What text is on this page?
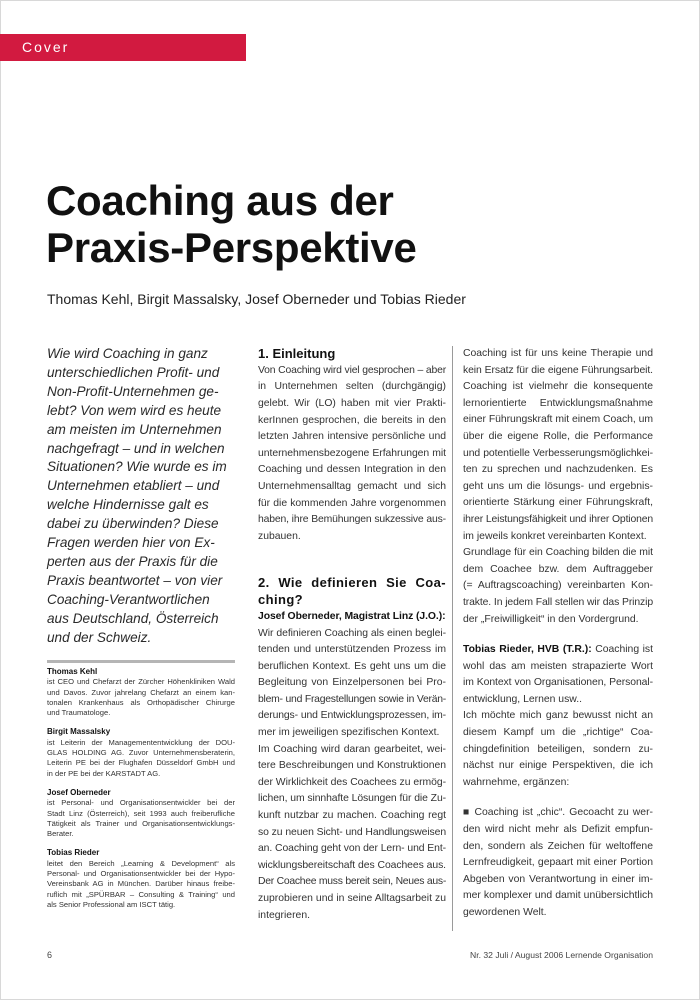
Cover
Coaching aus der
Praxis-Perspektive
Thomas Kehl, Birgit Massalsky, Josef Oberneder und Tobias Rieder
Wie wird Coaching in ganz
unterschiedlichen Profit- und
Non-Profit-Unternehmen ge-
lebt? Von wem wird es heute
am meisten im Unternehmen
nachgefragt – und in welchen
Situationen? Wie wurde es im
Unternehmen etabliert – und
welche Hindernisse galt es
dabei zu überwinden? Diese
Fragen werden hier von Ex-
perten aus der Praxis für die
Praxis beantwortet – von vier
Coaching-Verantwortlichen
aus Deutschland, Österreich
und der Schweiz.
Thomas Kehl
ist CEO und Chefarzt der Zürcher Höhenkliniken Wald
und Davos. Zuvor jahrelang Chefarzt an einem kan-
tonalen Krankenhaus als Orthopädischer Chirurge
und Traumatologe.
Birgit Massalsky
ist Leiterin der Managemententwicklung der DOU-
GLAS HOLDING AG. Zuvor Unternehmensberaterin,
Leiterin PE bei der Flughafen Düsseldorf GmbH und
in der PE bei der KARSTADT AG.
Josef Oberneder
ist Personal- und Organisationsentwickler bei der
Stadt Linz (Österreich), seit 1993 auch freiberufliche
Tätigkeit als Trainer und Organisationsentwicklungs-
Berater.
Tobias Rieder
leitet den Bereich „Learning & Development“ als
Personal- und Organisationsentwickler bei der Hypo-
Vereinsbank AG in München. Darüber hinaus freibe-
ruflich mit „SPÜRBAR – Consulting & Training“ und
als Senior Professional am ISCT tätig.
1. Einleitung
Von Coaching wird viel gesprochen – aber
in Unternehmen selten (durchgängig)
gelebt. Wir (LO) haben mit vier Prakti-
kerInnen gesprochen, die bereits in den
letzten Jahren intensive persönliche und
unternehmensbezogene Erfahrungen mit
Coaching und dessen Integration in den
Unternehmensalltag gemacht und sich
für die kommenden Jahre vorgenommen
haben, ihre Bemühungen sukzessive aus-
zubauen.
2. Wie definieren Sie Coa-
ching?
Josef Oberneder, Magistrat Linz (J.O.):
Wir definieren Coaching als einen beglei-
tenden und unterstützenden Prozess im
beruflichen Kontext. Es geht uns um die
Begleitung von Einzelpersonen bei Pro-
blem- und Fragestellungen sowie in Verän-
derungs- und Entwicklungsprozessen, im-
mer im jeweiligen spezifischen Kontext.
Im Coaching wird daran gearbeitet, wei-
tere Beschreibungen und Konstruktionen
der Wirklichkeit des Coachees zu ermög-
lichen, um sinnhafte Lösungen für die Zu-
kunft nutzbar zu machen. Coaching regt
so zu neuen Sicht- und Handlungsweisen
an. Coaching geht von der Lern- und Ent-
wicklungsbereitschaft des Coachees aus.
Der Coachee muss bereit sein, Neues aus-
zuprobieren und in seine Alltagsarbeit zu
integrieren.
Coaching ist für uns keine Therapie und
kein Ersatz für die eigene Führungsarbeit.
Coaching ist vielmehr die konsequente
lernorientierte Entwicklungsmaßnahme
einer Führungskraft mit einem Coach, um
über die eigene Rolle, die Performance
und potentielle Verbesserungsmöglichkei-
ten zu sprechen und nachzudenken. Es
geht uns um die lösungs- und ergebnis-
orientierte Stärkung einer Führungskraft,
ihrer Leistungsfähigkeit und ihrer Optionen
im jeweils konkret vereinbarten Kontext.
Grundlage für ein Coaching bilden die mit
dem Coachee bzw. dem Auftraggeber
(= Auftragscoaching) vereinbarten Kon-
trakte. In jedem Fall stellen wir das Prinzip
der „Freiwilligkeit“ in den Vordergrund.
Tobias Rieder, HVB (T.R.): Coaching ist
wohl das am meisten strapazierte Wort
im Kontext von Organisationen, Personal-
entwicklung, Lernen usw..
Ich möchte mich ganz bewusst nicht an
diesem Kampf um die „richtige“ Coa-
chingdefinition beteiligen, sondern zu-
nächst nur einige Perspektiven, die ich
wahrnehme, ergänzen:
■ Coaching ist „chic“. Gecoacht zu wer-
den wird nicht mehr als Defizit empfun-
den, sondern als Zeichen für weltoffene
Lernfreudigkeit, gepaart mit einer Portion
Abgeben von Verantwortung in einer im-
mer komplexer und damit unübersichtlich
gewordenen Welt.
6	Nr. 32 Juli / August 2006 Lernende Organisation
